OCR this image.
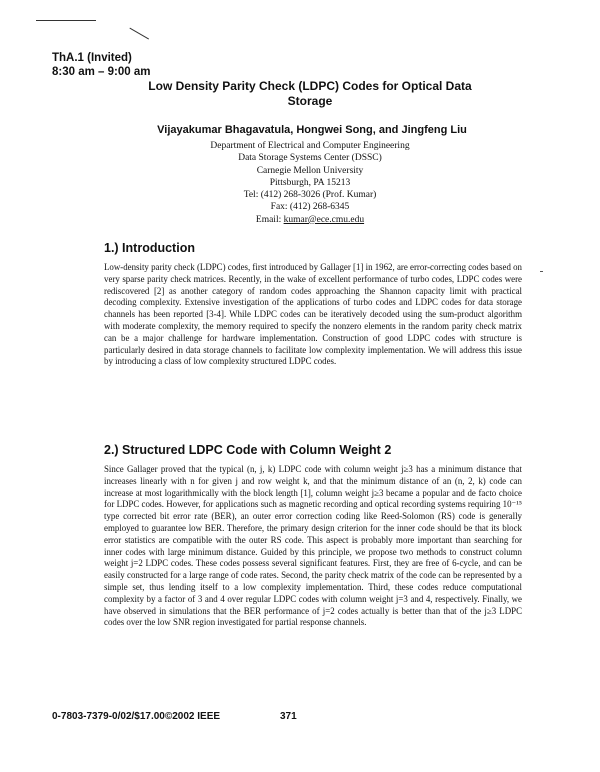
ThA.1 (Invited)
8:30 am – 9:00 am
Low Density Parity Check (LDPC) Codes for Optical Data Storage
Vijayakumar Bhagavatula, Hongwei Song, and Jingfeng Liu
Department of Electrical and Computer Engineering
Data Storage Systems Center (DSSC)
Carnegie Mellon University
Pittsburgh, PA 15213
Tel: (412) 268-3026 (Prof. Kumar)
Fax: (412) 268-6345
Email: kumar@ece.cmu.edu
1.) Introduction

Low-density parity check (LDPC) codes, first introduced by Gallager [1] in 1962, are error-correcting codes based on very sparse parity check matrices. Recently, in the wake of excellent performance of turbo codes, LDPC codes were rediscovered [2] as another category of random codes approaching the Shannon capacity limit with practical decoding complexity. Extensive investigation of the applications of turbo codes and LDPC codes for data storage channels has been reported [3-4]. While LDPC codes can be iteratively decoded using the sum-product algorithm with moderate complexity, the memory required to specify the nonzero elements in the random parity check matrix can be a major challenge for hardware implementation. Construction of good LDPC codes with structure is particularly desired in data storage channels to facilitate low complexity implementation. We will address this issue by introducing a class of low complexity structured LDPC codes.

2.) Structured LDPC Code with Column Weight 2

Since Gallager proved that the typical (n, j, k) LDPC code with column weight j≥3 has a minimum distance that increases linearly with n for given j and row weight k, and that the minimum distance of an (n, 2, k) code can increase at most logarithmically with the block length [1], column weight j≥3 became a popular and de facto choice for LDPC codes. However, for applications such as magnetic recording and optical recording systems requiring 10⁻¹⁵ type corrected bit error rate (BER), an outer error correction coding like Reed-Solomon (RS) code is generally employed to guarantee low BER. Therefore, the primary design criterion for the inner code should be that its block error statistics are compatible with the outer RS code. This aspect is probably more important than searching for inner codes with large minimum distance. Guided by this principle, we propose two methods to construct column weight j=2 LDPC codes. These codes possess several significant features. First, they are free of 6-cycle, and can be easily constructed for a large range of code rates. Second, the parity check matrix of the code can be represented by a simple set, thus lending itself to a low complexity implementation. Third, these codes reduce computational complexity by a factor of 3 and 4 over regular LDPC codes with column weight j=3 and 4, respectively. Finally, we have observed in simulations that the BER performance of j=2 codes actually is better than that of the j≥3 LDPC codes over the low SNR region investigated for partial response channels.

0-7803-7379-0/02/$17.00©2002 IEEE	371
